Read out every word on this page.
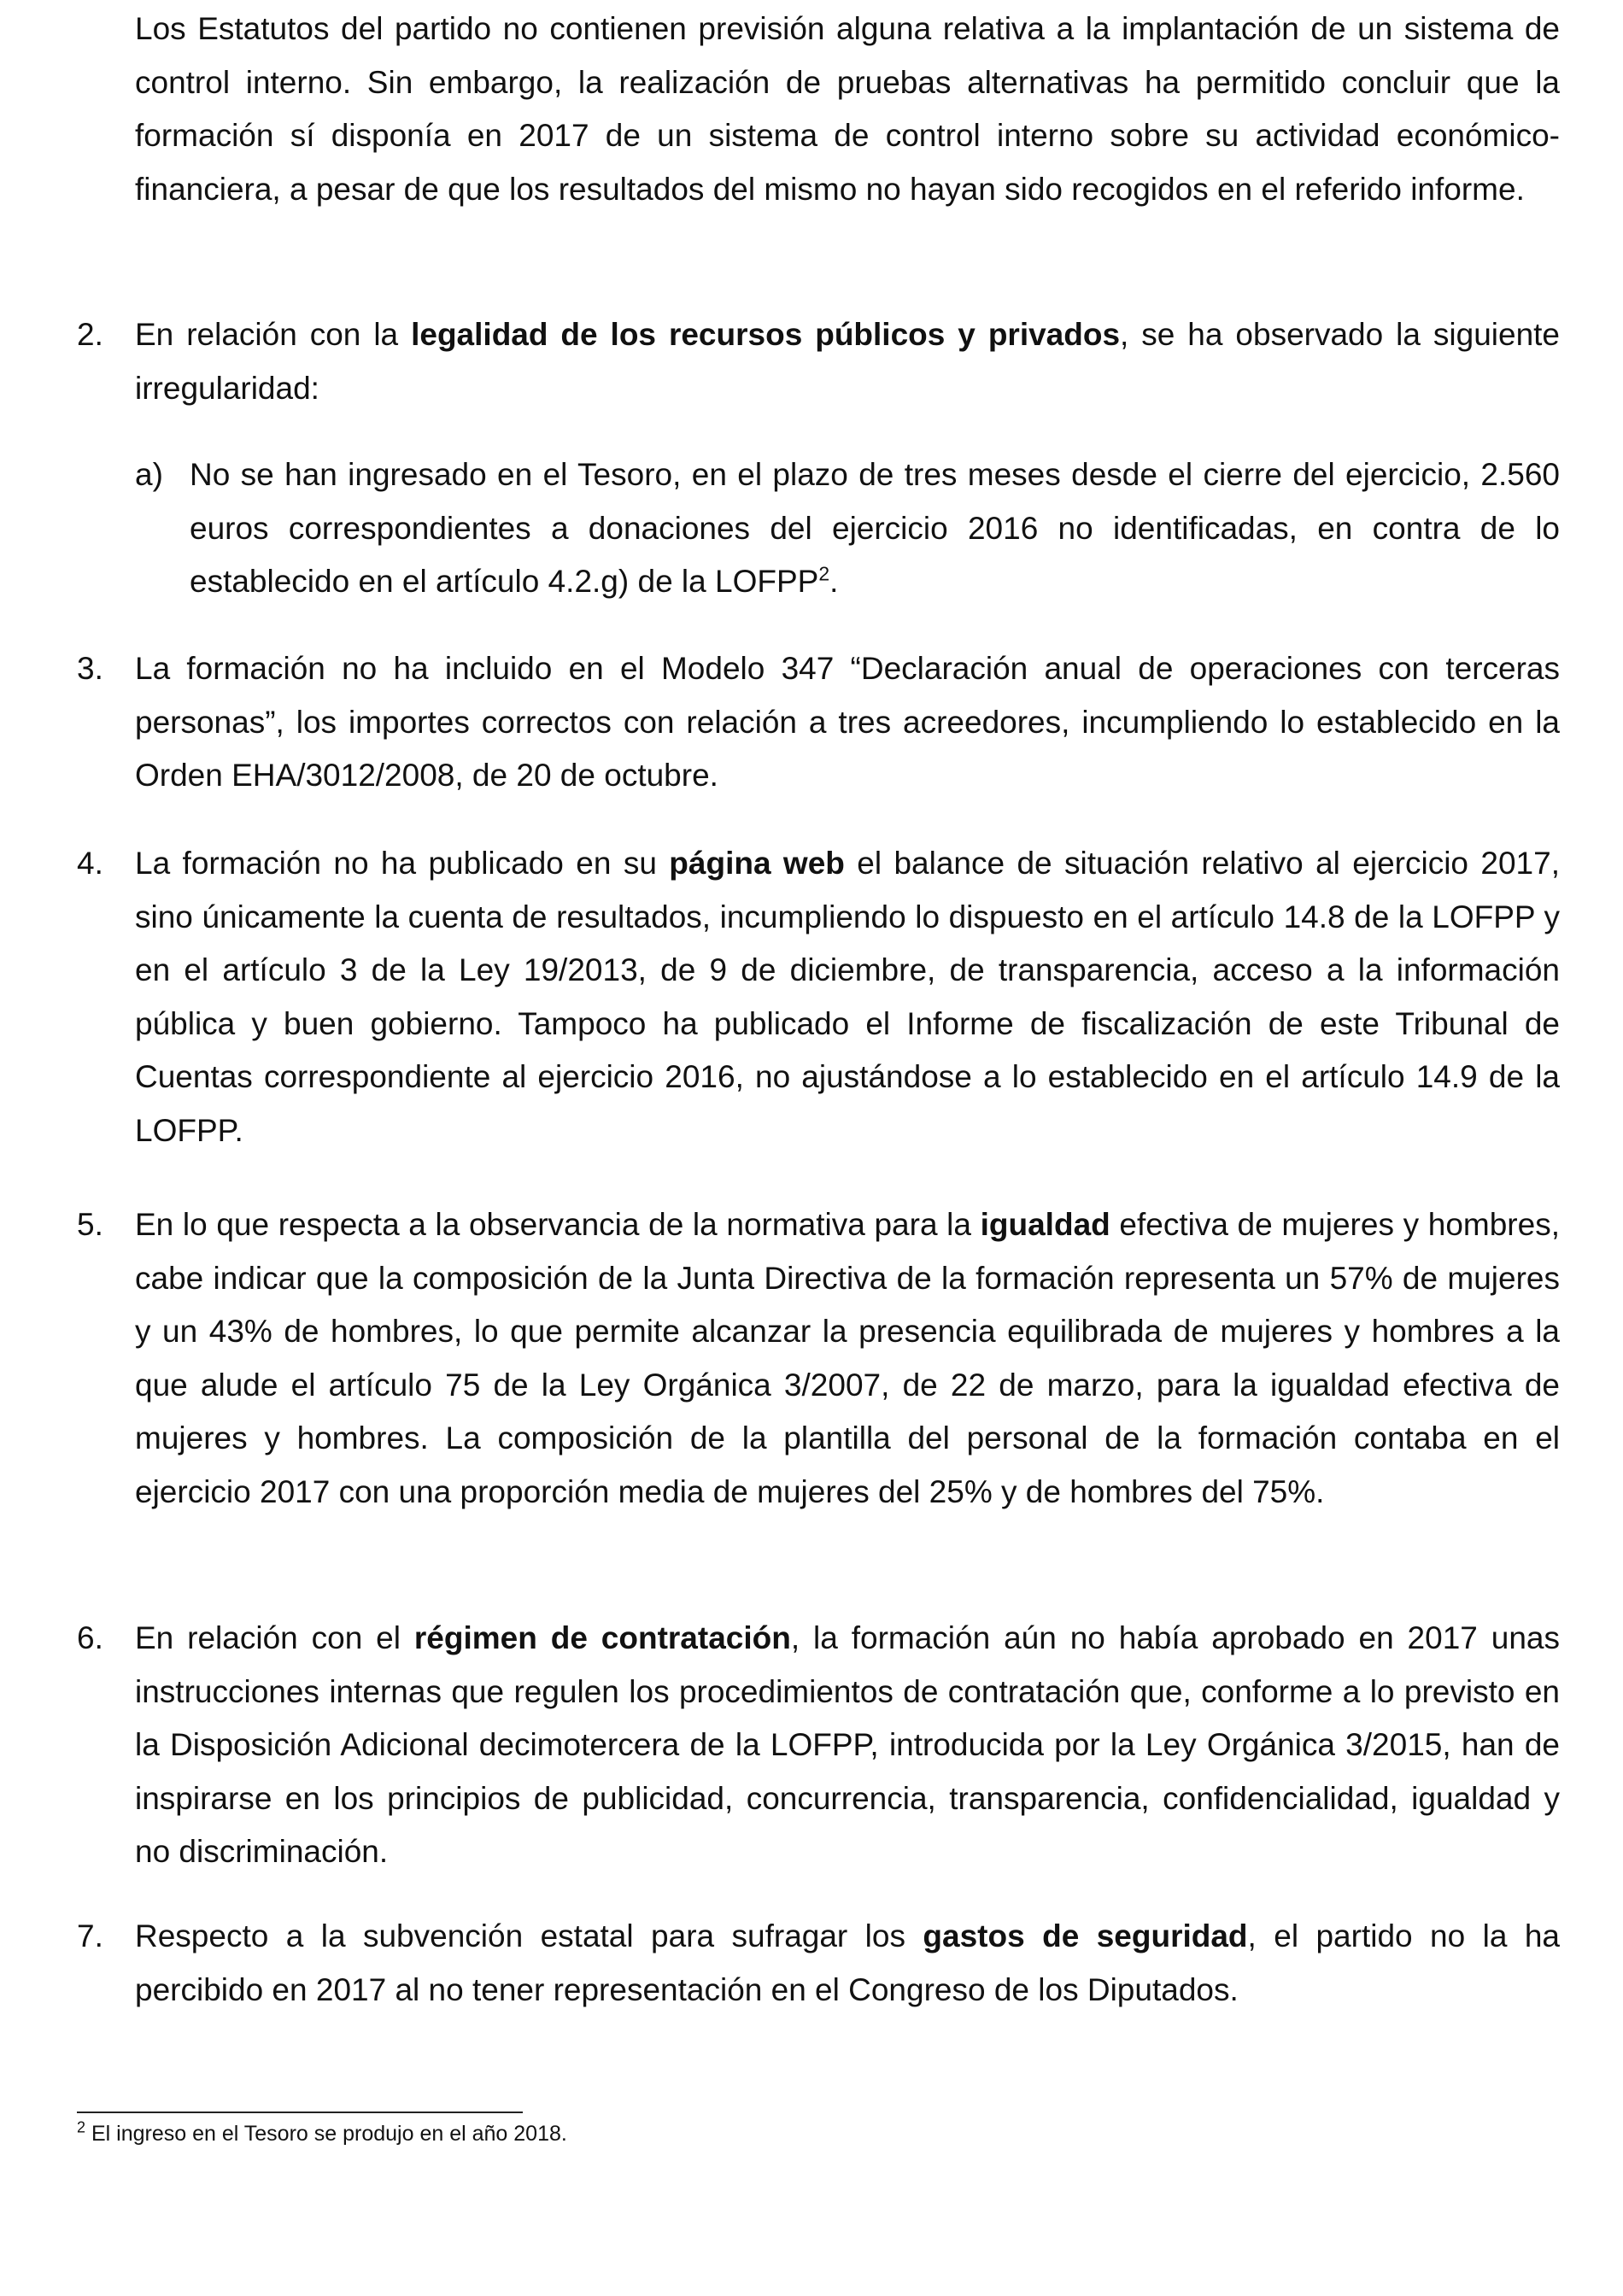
Los Estatutos del partido no contienen previsión alguna relativa a la implantación de un sistema de control interno. Sin embargo, la realización de pruebas alternativas ha permitido concluir que la formación sí disponía en 2017 de un sistema de control interno sobre su actividad económico-financiera, a pesar de que los resultados del mismo no hayan sido recogidos en el referido informe.

2.	En relación con la legalidad de los recursos públicos y privados, se ha observado la siguiente irregularidad:
a) No se han ingresado en el Tesoro, en el plazo de tres meses desde el cierre del ejercicio, 2.560 euros correspondientes a donaciones del ejercicio 2016 no identificadas, en contra de lo establecido en el artículo 4.2.g) de la LOFPP$^2$.
3.	La formación no ha incluido en el Modelo 347 “Declaración anual de operaciones con terceras personas”, los importes correctos con relación a tres acreedores, incumpliendo lo establecido en la Orden EHA/3012/2008, de 20 de octubre.
4.	La formación no ha publicado en su página web el balance de situación relativo al ejercicio 2017, sino únicamente la cuenta de resultados, incumpliendo lo dispuesto en el artículo 14.8 de la LOFPP y en el artículo 3 de la Ley 19/2013, de 9 de diciembre, de transparencia, acceso a la información pública y buen gobierno. Tampoco ha publicado el Informe de fiscalización de este Tribunal de Cuentas correspondiente al ejercicio 2016, no ajustándose a lo establecido en el artículo 14.9 de la LOFPP.
5.	En lo que respecta a la observancia de la normativa para la igualdad efectiva de mujeres y hombres, cabe indicar que la composición de la Junta Directiva de la formación representa un 57% de mujeres y un 43% de hombres, lo que permite alcanzar la presencia equilibrada de mujeres y hombres a la que alude el artículo 75 de la Ley Orgánica 3/2007, de 22 de marzo, para la igualdad efectiva de mujeres y hombres. La composición de la plantilla del personal de la formación contaba en el ejercicio 2017 con una proporción media de mujeres del 25% y de hombres del 75%.
6.	En relación con el régimen de contratación, la formación aún no había aprobado en 2017 unas instrucciones internas que regulen los procedimientos de contratación que, conforme a lo previsto en la Disposición Adicional decimotercera de la LOFPP, introducida por la Ley Orgánica 3/2015, han de inspirarse en los principios de publicidad, concurrencia, transparencia, confidencialidad, igualdad y no discriminación.
7.	Respecto a la subvención estatal para sufragar los gastos de seguridad, el partido no la ha percibido en 2017 al no tener representación en el Congreso de los Diputados.
$^2$ El ingreso en el Tesoro se produjo en el año 2018.
